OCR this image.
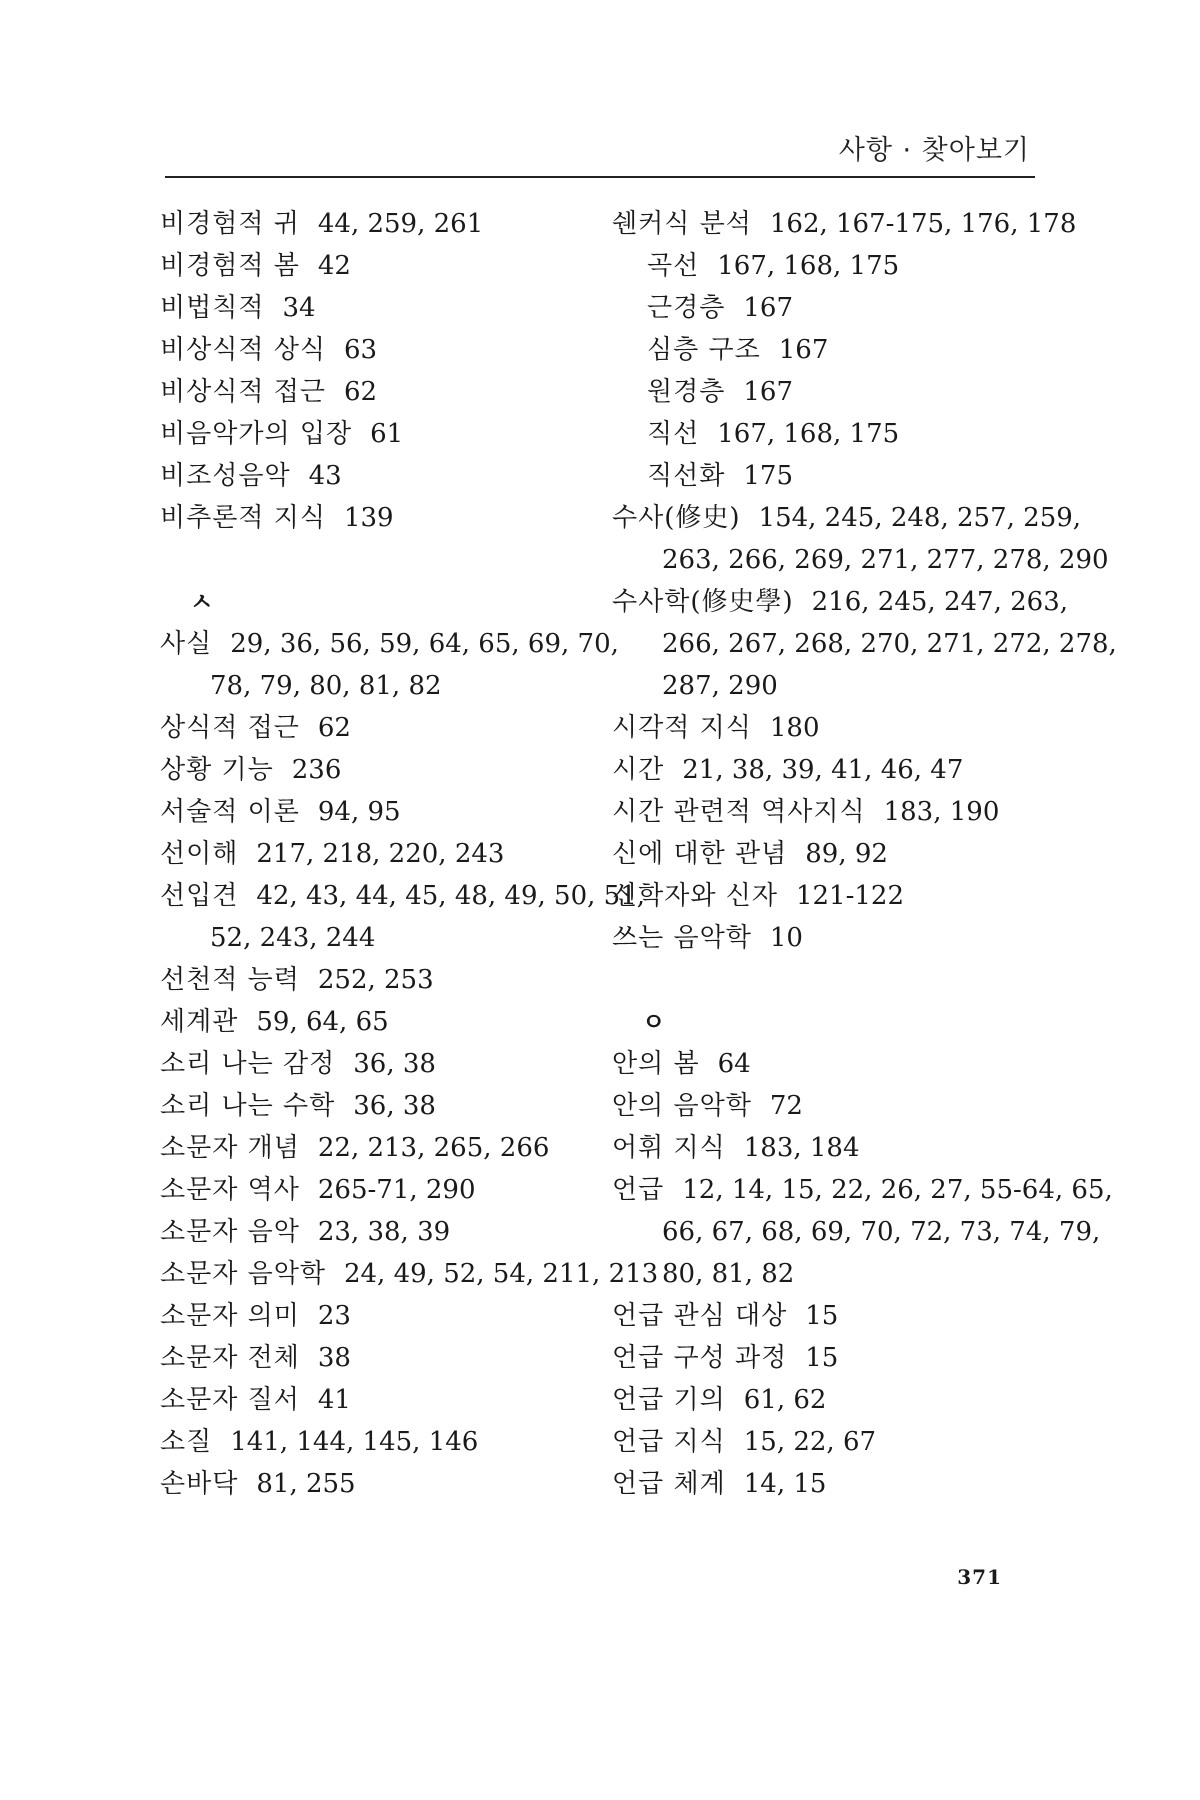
사항 · 찾아보기
비경험적 귀 44, 259, 261
비경험적 봄 42
비법칙적 34
비상식적 상식 63
비상식적 접근 62
비음악가의 입장 61
비조성음악 43
비추론적 지식 139
ㅅ
사실 29, 36, 56, 59, 64, 65, 69, 70,
78, 79, 80, 81, 82
상식적 접근 62
상황 기능 236
서술적 이론 94, 95
선이해 217, 218, 220, 243
선입견 42, 43, 44, 45, 48, 49, 50, 51,
52, 243, 244
선천적 능력 252, 253
세계관 59, 64, 65
소리 나는 감정 36, 38
소리 나는 수학 36, 38
소문자 개념 22, 213, 265, 266
소문자 역사 265-71, 290
소문자 음악 23, 38, 39
소문자 음악학 24, 49, 52, 54, 211, 213
소문자 의미 23
소문자 전체 38
소문자 질서 41
소질 141, 144, 145, 146
손바닥 81, 255
쉔커식 분석 162, 167-175, 176, 178
곡선 167, 168, 175
근경층 167
심층 구조 167
원경층 167
직선 167, 168, 175
직선화 175
수사(修史) 154, 245, 248, 257, 259,
263, 266, 269, 271, 277, 278, 290
수사학(修史學) 216, 245, 247, 263,
266, 267, 268, 270, 271, 272, 278,
287, 290
시각적 지식 180
시간 21, 38, 39, 41, 46, 47
시간 관련적 역사지식 183, 190
신에 대한 관념 89, 92
신학자와 신자 121-122
쓰는 음악학 10
ㅇ
안의 봄 64
안의 음악학 72
어휘 지식 183, 184
언급 12, 14, 15, 22, 26, 27, 55-64, 65,
66, 67, 68, 69, 70, 72, 73, 74, 79,
80, 81, 82
언급 관심 대상 15
언급 구성 과정 15
언급 기의 61, 62
언급 지식 15, 22, 67
언급 체계 14, 15
371
